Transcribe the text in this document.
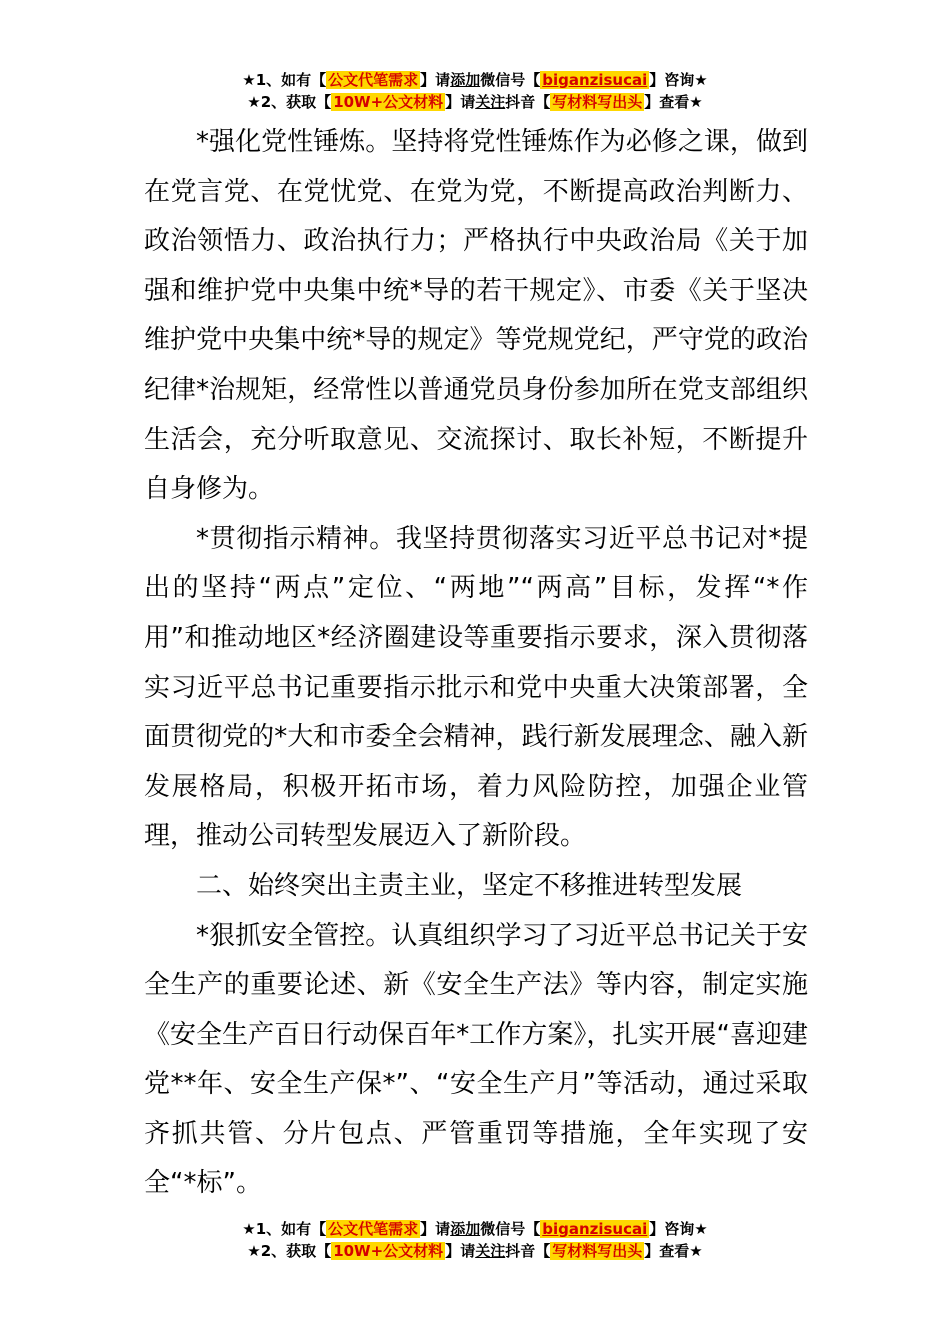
★1、如有【 公文代笔需求 】请添加微信号【 biganzisucai 】咨询★
★2、获取【 10W+公文材料 】请关注抖音【 写材料写出头 】查看★

*强化党性锤炼。坚持将党性锤炼作为必修之课，做到在党言党、在党忧党、在党为党，不断提高政治判断力、政治领悟力、政治执行力；严格执行中央政治局《关于加强和维护党中央集中统*导的若干规定》、市委《关于坚决维护党中央集中统*导的规定》等党规党纪，严守党的政治纪律*治规矩，经常性以普通党员身份参加所在党支部组织生活会，充分听取意见、交流探讨、取长补短，不断提升自身修为。

*贯彻指示精神。我坚持贯彻落实习近平总书记对*提出的坚持“两点”定位、“两地”“两高”目标，发挥“*作用”和推动地区*经济圈建设等重要指示要求，深入贯彻落实习近平总书记重要指示批示和党中央重大决策部署，全面贯彻党的*大和市委全会精神，践行新发展理念、融入新发展格局，积极开拓市场，着力风险防控，加强企业管理，推动公司转型发展迈入了新阶段。

二、始终突出主责主业，坚定不移推进转型发展

*狠抓安全管控。认真组织学习了习近平总书记关于安全生产的重要论述、新《安全生产法》等内容，制定实施《安全生产百日行动保百年*工作方案》，扎实开展“喜迎建党**年、安全生产保*”、“安全生产月”等活动，通过采取齐抓共管、分片包点、严管重罚等措施，全年实现了安全“*标”。

★1、如有【 公文代笔需求 】请添加微信号【 biganzisucai 】咨询★
★2、获取【 10W+公文材料 】请关注抖音【 写材料写出头 】查看★
